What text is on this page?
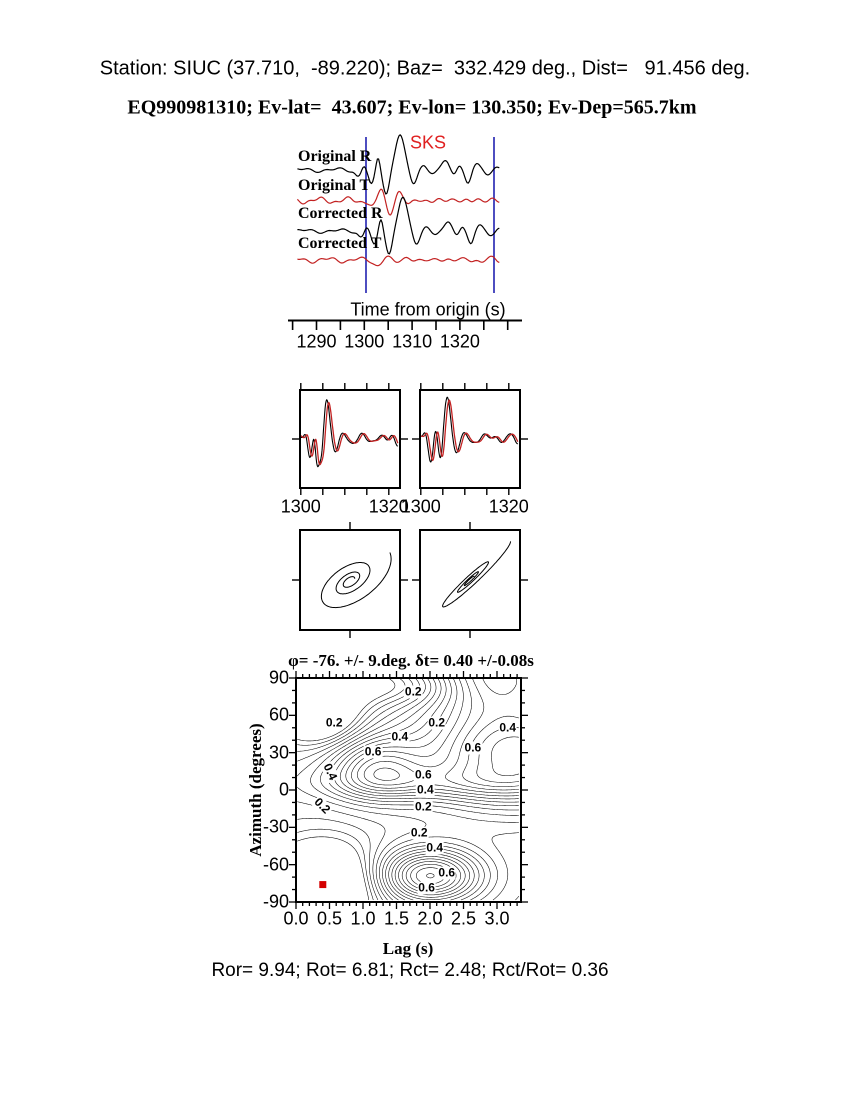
Station: SIUC (37.710,  -89.220); Baz=  332.429 deg., Dist=   91.456 deg.
EQ990981310; Ev-lat=  43.607; Ev-lon= 130.350; Ev-Dep=565.7km
SKS
Original R
Original T
Corrected R
Corrected T
Time from origin (s)
φ= -76. +/- 9.deg. δt= 0.40 +/-0.08s
Azimuth (degrees)
Lag (s)
Ror= 9.94; Rot= 6.81; Rct= 2.48; Rct/Rot= 0.36
1290 1300 1310 1320
1300	1320
1300	1320
0.0 0.5 1.0 1.5 2.0 2.5 3.0
90
60
30
0
-30
-60
-90
0.2
0.2	0.2
0.4
0.4
0.6
0.6
0.4
0.2
0.6
0.4
0.2
0.2
0.4
0.6
0.6
